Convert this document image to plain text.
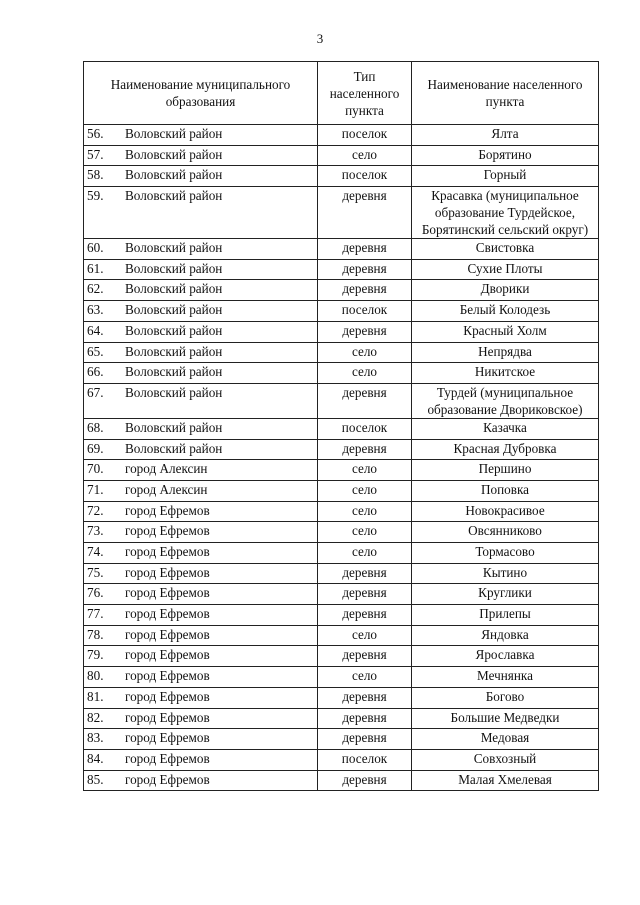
3
Наименование муниципального образования	Тип населенного пункта	Наименование населенного пункта
56. Воловский район	поселок	Ялта
57. Воловский район	село	Борятино
58. Воловский район	поселок	Горный
59. Воловский район	деревня	Красавка (муниципальное образование Турдейское, Борятинский сельский округ)
60. Воловский район	деревня	Свистовка
61. Воловский район	деревня	Сухие Плоты
62. Воловский район	деревня	Дворики
63. Воловский район	поселок	Белый Колодезь
64. Воловский район	деревня	Красный Холм
65. Воловский район	село	Непрядва
66. Воловский район	село	Никитское
67. Воловский район	деревня	Турдей (муниципальное образование Двориковское)
68. Воловский район	поселок	Казачка
69. Воловский район	деревня	Красная Дубровка
70. город Алексин	село	Першино
71. город Алексин	село	Поповка
72. город Ефремов	село	Новокрасивое
73. город Ефремов	село	Овсянниково
74. город Ефремов	село	Тормасово
75. город Ефремов	деревня	Кытино
76. город Ефремов	деревня	Круглики
77. город Ефремов	деревня	Прилепы
78. город Ефремов	село	Яндовка
79. город Ефремов	деревня	Ярославка
80. город Ефремов	село	Мечнянка
81. город Ефремов	деревня	Богово
82. город Ефремов	деревня	Большие Медведки
83. город Ефремов	деревня	Медовая
84. город Ефремов	поселок	Совхозный
85. город Ефремов	деревня	Малая Хмелевая
